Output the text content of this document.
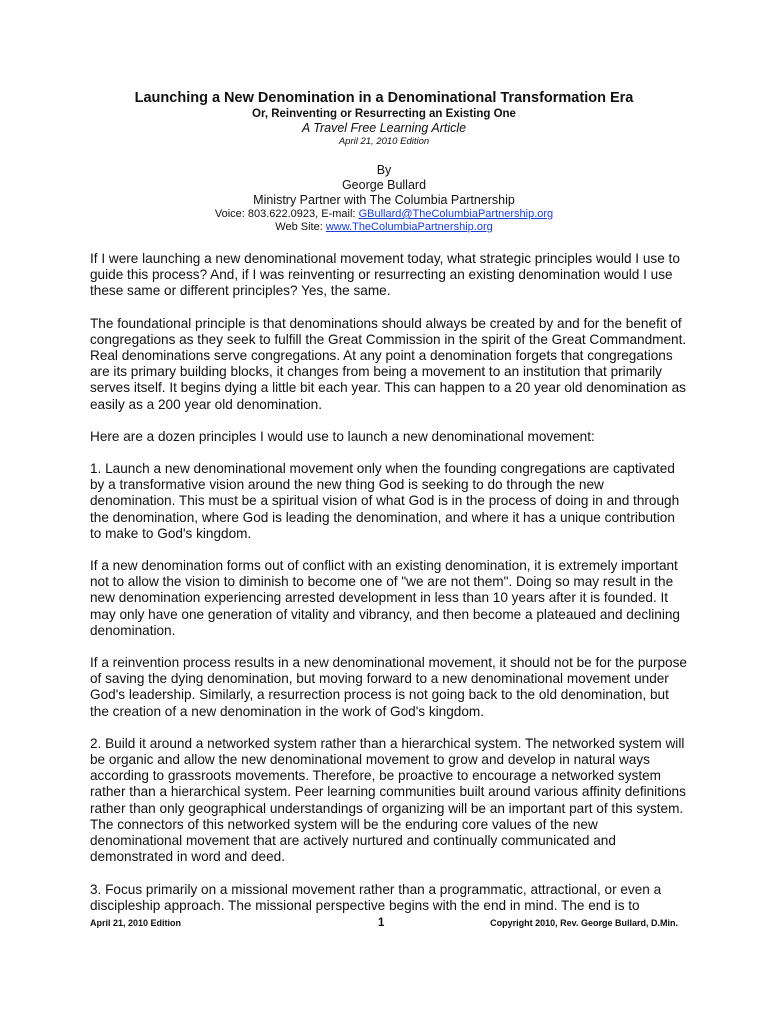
Launching a New Denomination in a Denominational Transformation Era

Or, Reinventing or Resurrecting an Existing One

A Travel Free Learning Article

April 21, 2010 Edition

By
George Bullard
Ministry Partner with The Columbia Partnership
Voice: 803.622.0923, E-mail: GBullard@TheColumbiaPartnership.org
Web Site: www.TheColumbiaPartnership.org

If I were launching a new denominational movement today, what strategic principles would I use to guide this process? And, if I was reinventing or resurrecting an existing denomination would I use these same or different principles? Yes, the same.

The foundational principle is that denominations should always be created by and for the benefit of congregations as they seek to fulfill the Great Commission in the spirit of the Great Commandment. Real denominations serve congregations. At any point a denomination forgets that congregations are its primary building blocks, it changes from being a movement to an institution that primarily serves itself. It begins dying a little bit each year. This can happen to a 20 year old denomination as easily as a 200 year old denomination.

Here are a dozen principles I would use to launch a new denominational movement:

1. Launch a new denominational movement only when the founding congregations are captivated by a transformative vision around the new thing God is seeking to do through the new denomination. This must be a spiritual vision of what God is in the process of doing in and through the denomination, where God is leading the denomination, and where it has a unique contribution to make to God's kingdom.

If a new denomination forms out of conflict with an existing denomination, it is extremely important not to allow the vision to diminish to become one of "we are not them". Doing so may result in the new denomination experiencing arrested development in less than 10 years after it is founded. It may only have one generation of vitality and vibrancy, and then become a plateaued and declining denomination.

If a reinvention process results in a new denominational movement, it should not be for the purpose of saving the dying denomination, but moving forward to a new denominational movement under God's leadership. Similarly, a resurrection process is not going back to the old denomination, but the creation of a new denomination in the work of God's kingdom.

2. Build it around a networked system rather than a hierarchical system. The networked system will be organic and allow the new denominational movement to grow and develop in natural ways according to grassroots movements. Therefore, be proactive to encourage a networked system rather than a hierarchical system. Peer learning communities built around various affinity definitions rather than only geographical understandings of organizing will be an important part of this system. The connectors of this networked system will be the enduring core values of the new denominational movement that are actively nurtured and continually communicated and demonstrated in word and deed.

3. Focus primarily on a missional movement rather than a programmatic, attractional, or even a discipleship approach. The missional perspective begins with the end in mind. The end is to

April 21, 2010 Edition	1	Copyright 2010, Rev. George Bullard, D.Min.
